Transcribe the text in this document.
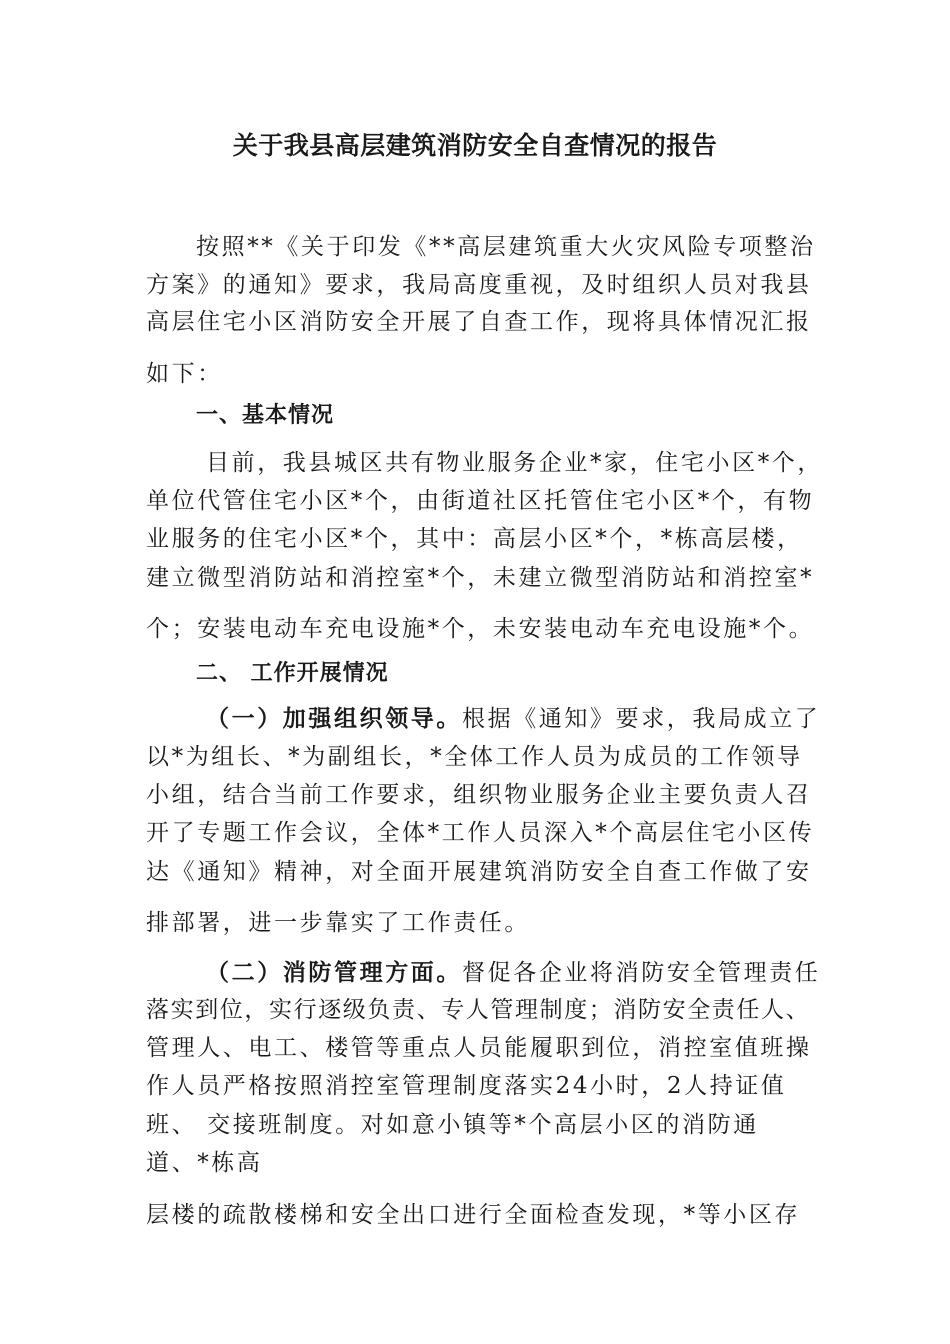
关于我县高层建筑消防安全自查情况的报告
按照**《关于印发《**高层建筑重大火灾风险专项整治
方案》的通知》要求，我局高度重视，及时组织人员对我县
高层住宅小区消防安全开展了自查工作，现将具体情况汇报
如下：
一、基本情况
目前，我县城区共有物业服务企业*家，住宅小区*个，
单位代管住宅小区*个，由街道社区托管住宅小区*个，有物
业服务的住宅小区*个，其中：高层小区*个，*栋高层楼，
建立微型消防站和消控室*个，未建立微型消防站和消控室*
个；安装电动车充电设施*个，未安装电动车充电设施*个。
二、 工作开展情况
（一）加强组织领导。根据《通知》要求，我局成立了
以*为组长、*为副组长，*全体工作人员为成员的工作领导
小组，结合当前工作要求，组织物业服务企业主要负责人召
开了专题工作会议，全体*工作人员深入*个高层住宅小区传
达《通知》精神，对全面开展建筑消防安全自查工作做了安
排部署，进一步靠实了工作责任。
（二）消防管理方面。督促各企业将消防安全管理责任
落实到位，实行逐级负责、专人管理制度；消防安全责任人、
管理人、电工、楼管等重点人员能履职到位，消控室值班操
作人员严格按照消控室管理制度落实24小时，2人持证值
班、 交接班制度。对如意小镇等*个高层小区的消防通
道、*栋高
层楼的疏散楼梯和安全出口进行全面检查发现，*等小区存
